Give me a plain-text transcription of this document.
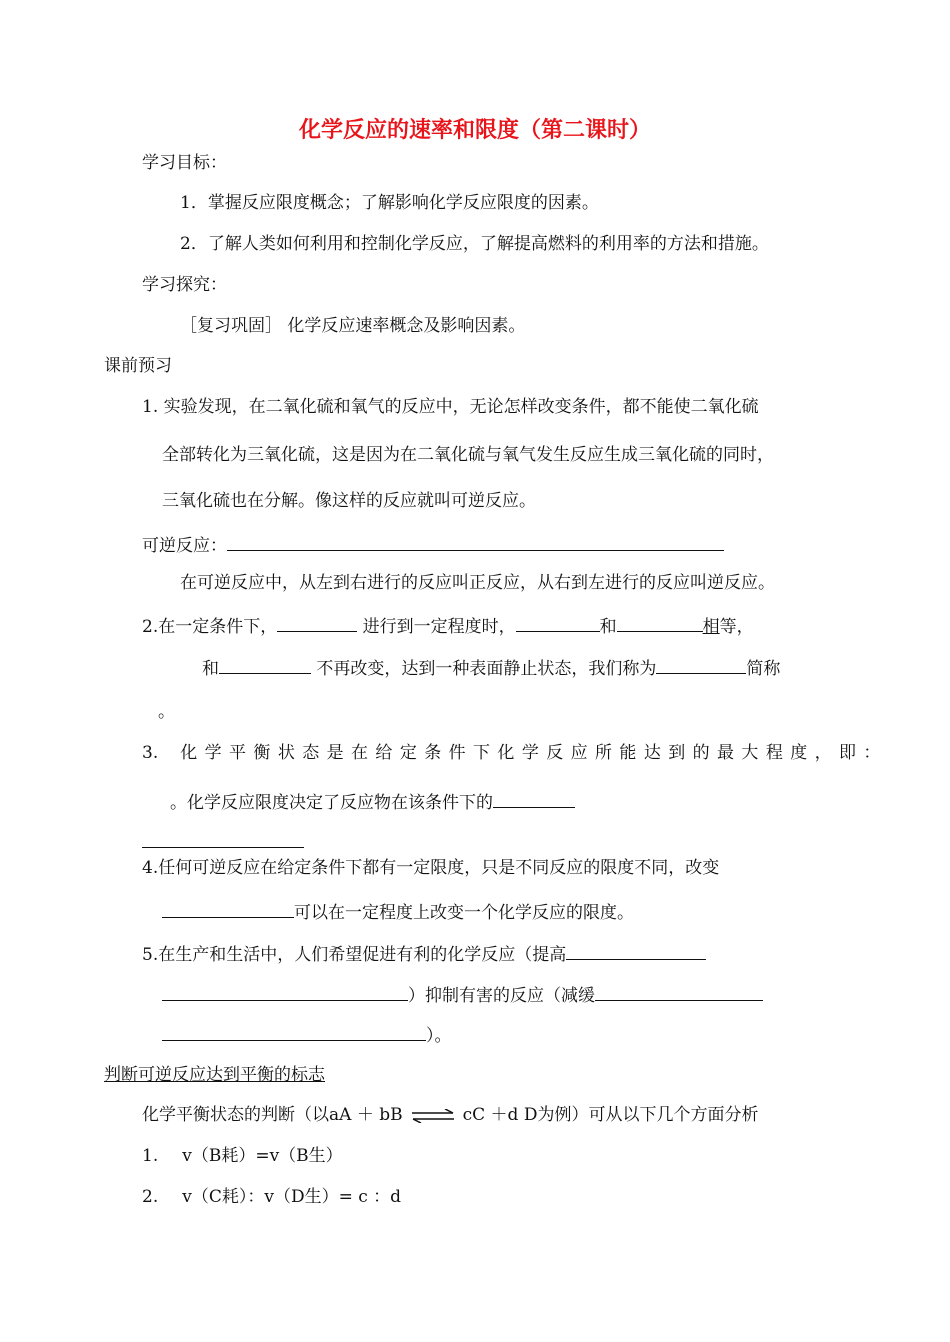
化学反应的速率和限度（第二课时）
学习目标：
1．掌握反应限度概念；了解影响化学反应限度的因素。
2．了解人类如何利用和控制化学反应，了解提高燃料的利用率的方法和措施。
学习探究：
［复习巩固］ 化学反应速率概念及影响因素。
课前预习
1. 实验发现，在二氧化硫和氧气的反应中，无论怎样改变条件，都不能使二氧化硫
全部转化为三氧化硫，这是因为在二氧化硫与氧气发生反应生成三氧化硫的同时，
三氧化硫也在分解。像这样的反应就叫可逆反应。
可逆反应：
在可逆反应中，从左到右进行的反应叫正反应，从右到左进行的反应叫逆反应。
2.在一定条件下，	进行到一定程度时，	和	相等，
和	不再改变，达到一种表面静止状态，我们称为	简称
。
3. 化学平衡状态是在给定条件下化学反应所能达到的最大程度，即：
。化学反应限度决定了反应物在该条件下的
4.任何可逆反应在给定条件下都有一定限度，只是不同反应的限度不同，改变
可以在一定程度上改变一个化学反应的限度。
5.在生产和生活中，人们希望促进有利的化学反应（提高
）抑制有害的反应（减缓
）。
判断可逆反应达到平衡的标志
化学平衡状态的判断（以aA ＋ bB ⇌ cC ＋d D为例）可从以下几个方面分析
1. v（B耗）=v（B生）
2. v（C耗）：v（D生）= c ：d
